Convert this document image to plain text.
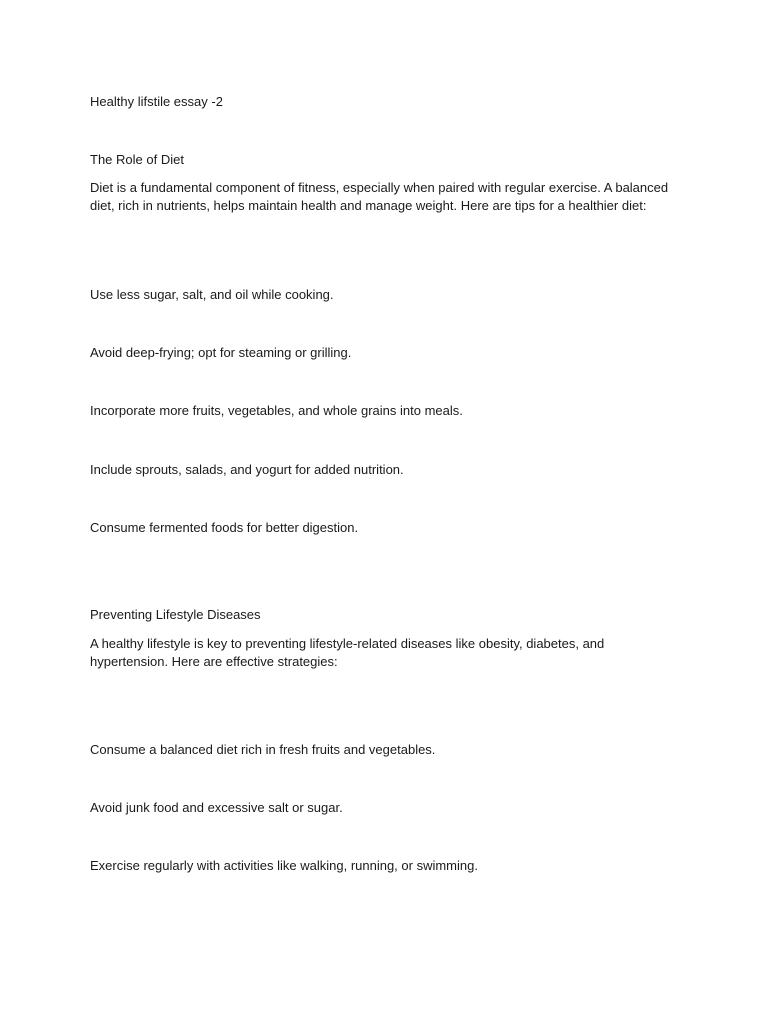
Healthy lifstile essay -2

The Role of Diet

Diet is a fundamental component of fitness, especially when paired with regular exercise. A balanced diet, rich in nutrients, helps maintain health and manage weight. Here are tips for a healthier diet:

Use less sugar, salt, and oil while cooking.

Avoid deep-frying; opt for steaming or grilling.

Incorporate more fruits, vegetables, and whole grains into meals.

Include sprouts, salads, and yogurt for added nutrition.

Consume fermented foods for better digestion.

Preventing Lifestyle Diseases

A healthy lifestyle is key to preventing lifestyle-related diseases like obesity, diabetes, and hypertension. Here are effective strategies:

Consume a balanced diet rich in fresh fruits and vegetables.

Avoid junk food and excessive salt or sugar.

Exercise regularly with activities like walking, running, or swimming.
